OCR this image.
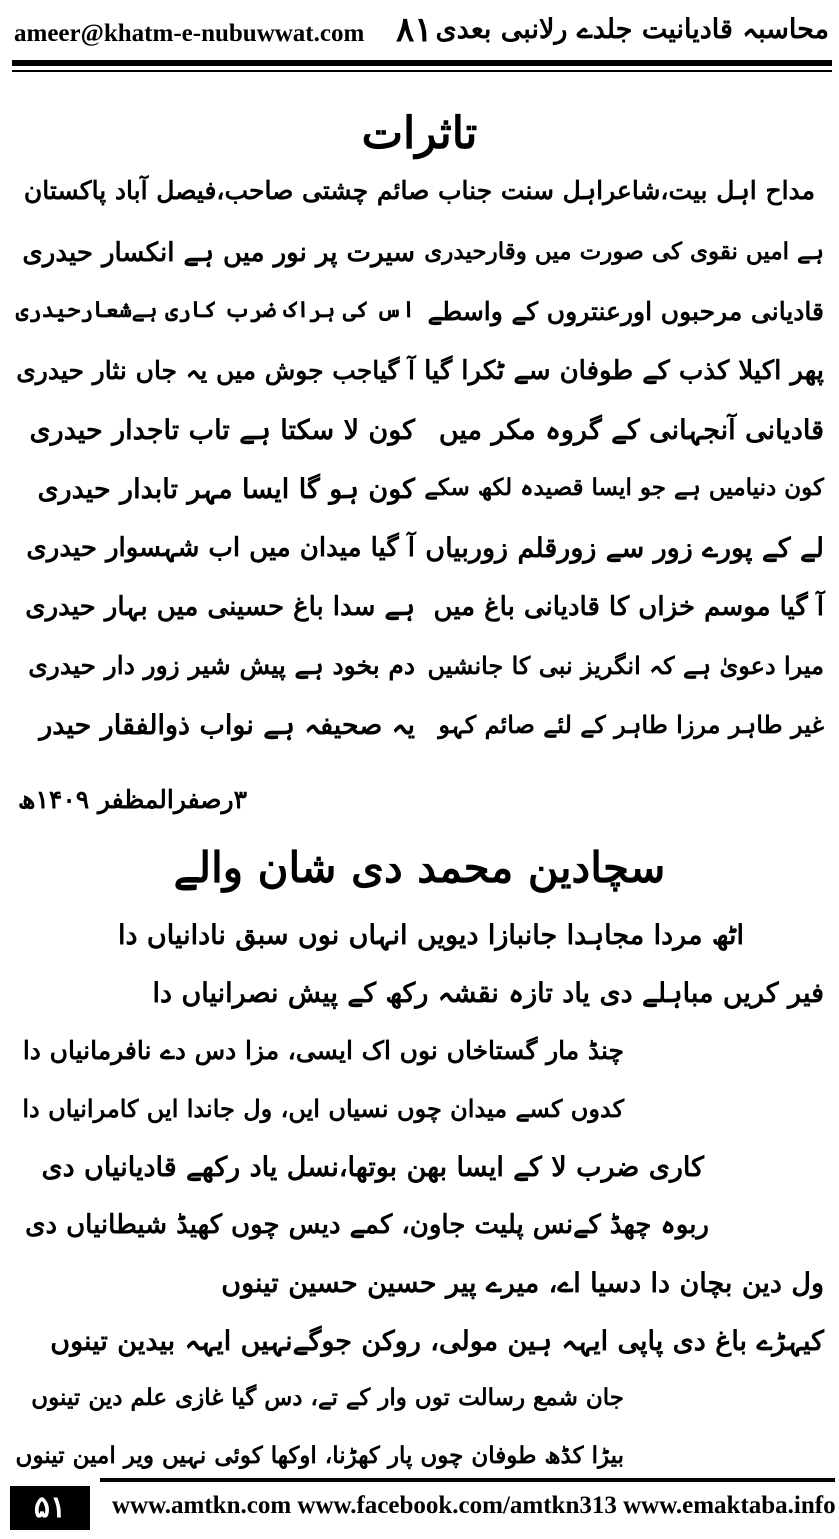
ameer@khatm-e-nubuwwat.com ۸۱ محاسبہ قادیانیت جلدے رلانبی بعدی
تاثرات
مداح اہل بیت،شاعراہل سنت جناب صائم چشتی صاحب،فیصل آباد پاکستان
ہے امیں نقوی کی صورت میں وقارحیدری
سیرت پر نور میں ہے انکسار حیدری
قادیانی مرحبوں اورعنتروں کے واسطے
اس کی ہراک ضرب کاری ہےشعارحیدری
پھر اکیلا کذب کے طوفان سے ٹکرا گیا
آ گیاجب جوش میں یہ جاں نثار حیدری
قادیانی آنجہانی کے گروہ مکر میں
کون لا سکتا ہے تاب تاجدار حیدری
کون دنیامیں ہے جو ایسا قصیدہ لکھ سکے
کون ہو گا ایسا مہر تابدار حیدری
لے کے پورے زور سے زورقلم زوربیاں
آ گیا میدان میں اب شہسوار حیدری
آ گیا موسم خزاں کا قادیانی باغ میں
ہے سدا باغ حسینی میں بہار حیدری
میرا دعویٰ ہے کہ انگریز نبی کا جانشیں
دم بخود ہے پیش شیر زور دار حیدری
غیر طاہر مرزا طاہر کے لئے صائم کہو
یہ صحیفہ ہے نواب ذوالفقار حیدر
۳رصفرالمظفر ۱۴۰۹ھ
سچادین محمد دی شان والے
اٹھ مردا مجاہدا جانبازا دیویں انہاں نوں سبق نادانیاں دا
فیر کریں مباہلے دی یاد تازہ نقشہ رکھ کے پیش نصرانیاں دا
چنڈ مار گستاخاں نوں اک ایسی، مزا دس دے نافرمانیاں دا
کدوں کسے میدان چوں نسیاں ایں، ول جاندا ایں کامرانیاں دا
کاری ضرب لا کے ایسا بھن بوتھا،نسل یاد رکھے قادیانیاں دی
ربوہ چھڈ کےنس پلیت جاون، کمے دیس چوں کھیڈ شیطانیاں دی
ول دین بچان دا دسیا اے، میرے پیر حسین حسین تینوں
کیہڑے باغ دی پاپی ایہہ ہین مولی، روکن جوگےنہیں ایہہ بیدین تینوں
جان شمع رسالت توں وار کے تے، دس گیا غازی علم دین تینوں
بیڑا کڈھ طوفان چوں پار کھڑنا، اوکھا کوئی نہیں ویر امین تینوں
۵۱	www.amtkn.com www.facebook.com/amtkn313 www.emaktaba.info
